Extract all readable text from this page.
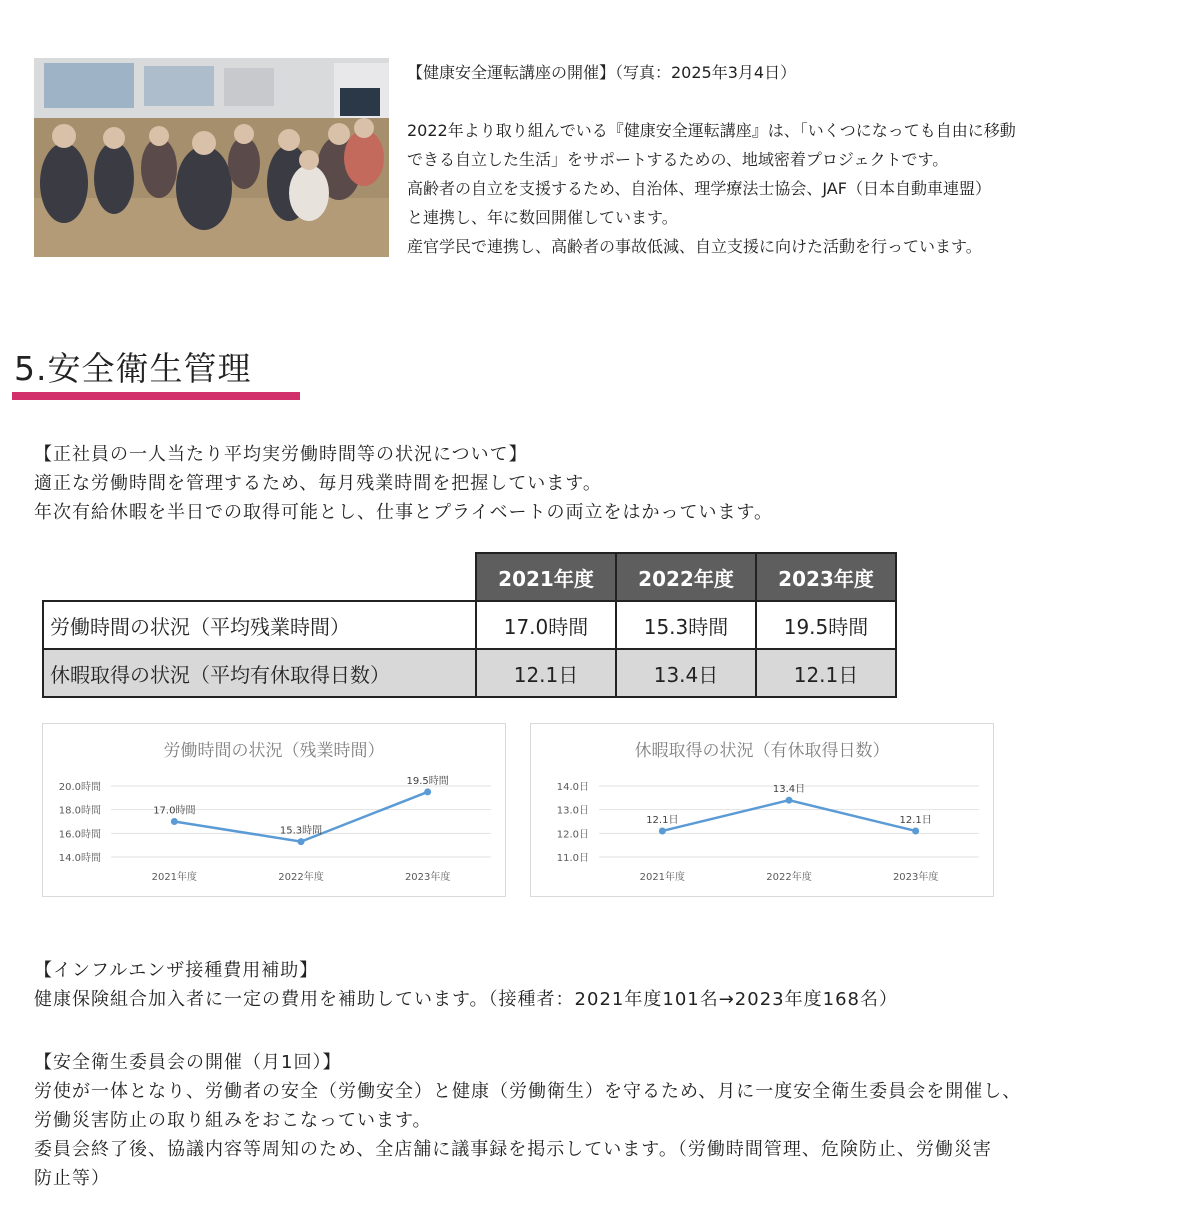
【健康安全運転講座の開催】（写真：2025年3月4日）
2022年より取り組んでいる『健康安全運転講座』は、「いくつになっても自由に移動
できる自立した生活」をサポートするための、地域密着プロジェクトです。
高齢者の自立を支援するため、自治体、理学療法士協会、JAF（日本自動車連盟）
と連携し、年に数回開催しています。
産官学民で連携し、高齢者の事故低減、自立支援に向けた活動を行っています。
5.安全衛生管理

【正社員の一人当たり平均実労働時間等の状況について】

適正な労働時間を管理するため、毎月残業時間を把握しています。

年次有給休暇を半日での取得可能とし、仕事とプライベートの両立をはかっています。

	2021年度	2022年度	2023年度
労働時間の状況（平均残業時間）	17.0時間	15.3時間	19.5時間
休暇取得の状況（平均有休取得日数）	12.1日	13.4日	12.1日
労働時間の状況（残業時間）
20.0時間
18.0時間
16.0時間
14.0時間
2021年度	2022年度	2023年度
17.0時間
15.3時間
19.5時間
休暇取得の状況（有休取得日数）
14.0日
13.0日
12.0日
11.0日
2021年度	2022年度	2023年度
12.1日
13.4日
12.1日

【インフルエンザ接種費用補助】

健康保険組合加入者に一定の費用を補助しています。（接種者：2021年度101名→2023年度168名）

【安全衛生委員会の開催（月1回）】

労使が一体となり、労働者の安全（労働安全）と健康（労働衛生）を守るため、月に一度安全衛生委員会を開催し、

労働災害防止の取り組みをおこなっています。

委員会終了後、協議内容等周知のため、全店舗に議事録を掲示しています。（労働時間管理、危険防止、労働災害

防止等）
